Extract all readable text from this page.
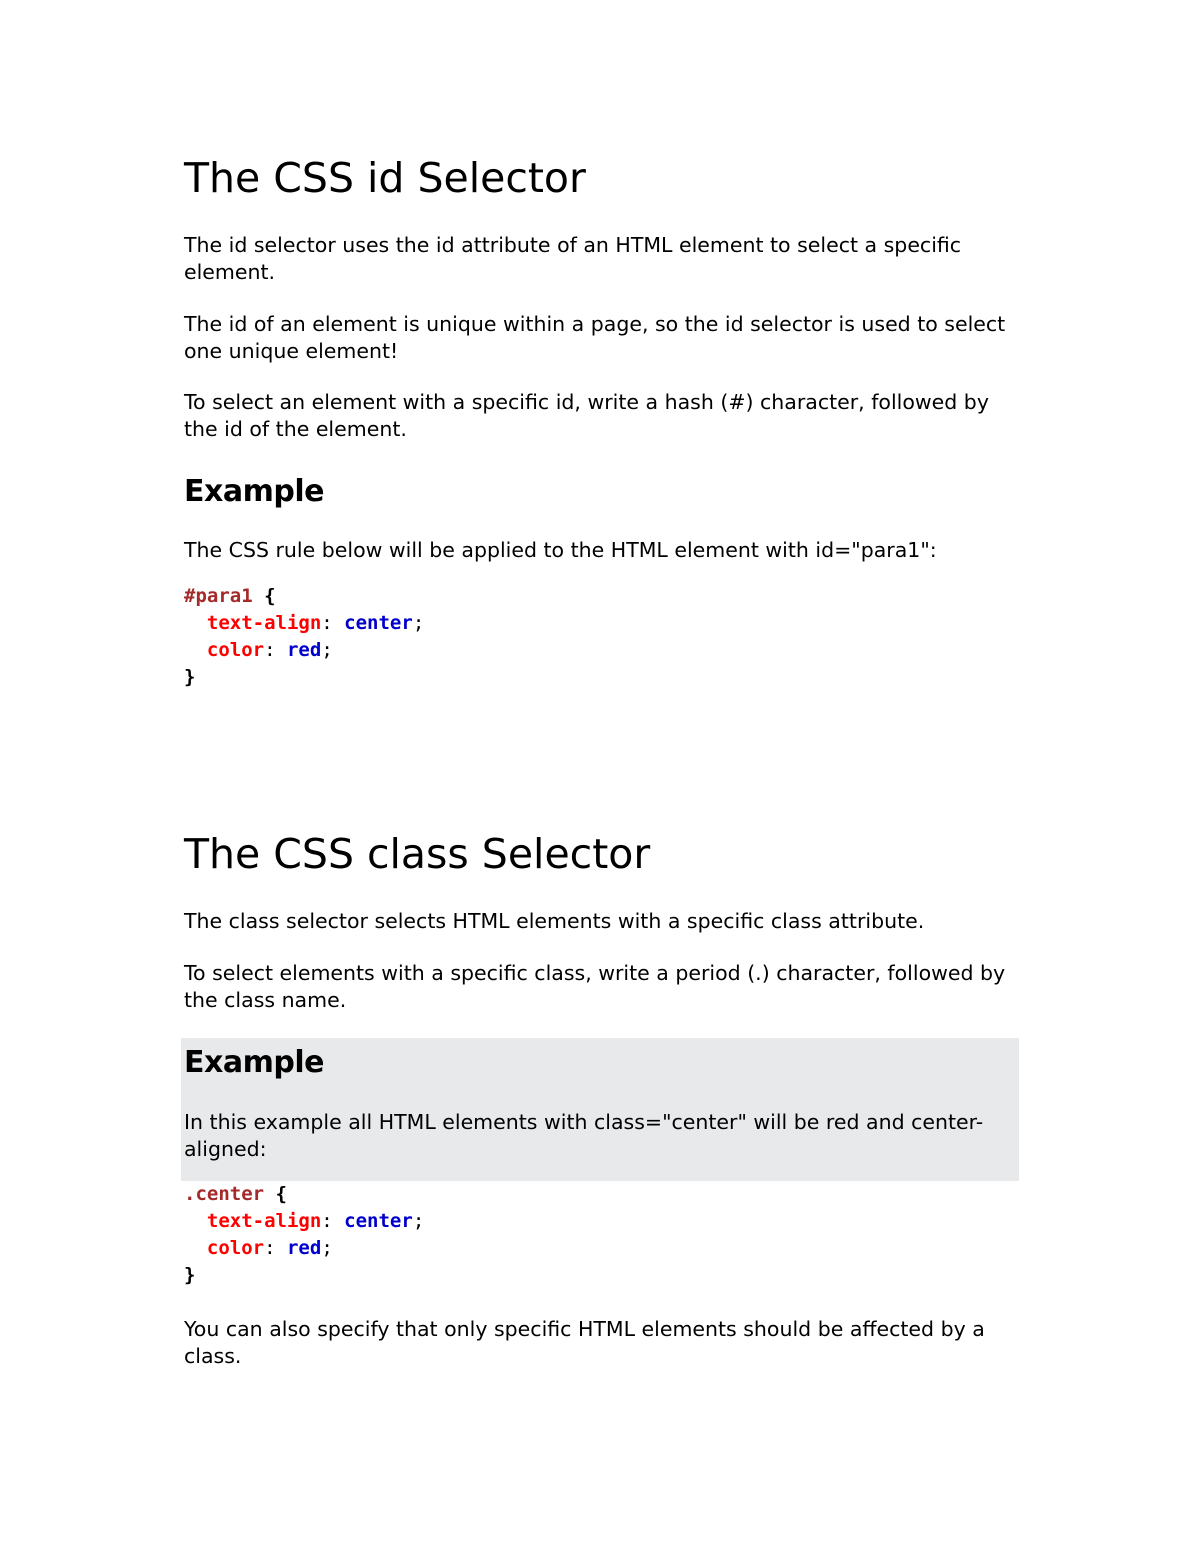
The CSS id Selector

The id selector uses the id attribute of an HTML element to select a specific element.

The id of an element is unique within a page, so the id selector is used to select one unique element!

To select an element with a specific id, write a hash (#) character, followed by the id of the element.

Example

The CSS rule below will be applied to the HTML element with id="para1":

#para1 {
text-align: center;
color: red;
}
The CSS class Selector

The class selector selects HTML elements with a specific class attribute.

To select elements with a specific class, write a period (.) character, followed by the class name.

Example

In this example all HTML elements with class="center" will be red and center-aligned:

.center {
text-align: center;
color: red;
}

You can also specify that only specific HTML elements should be affected by a class.
